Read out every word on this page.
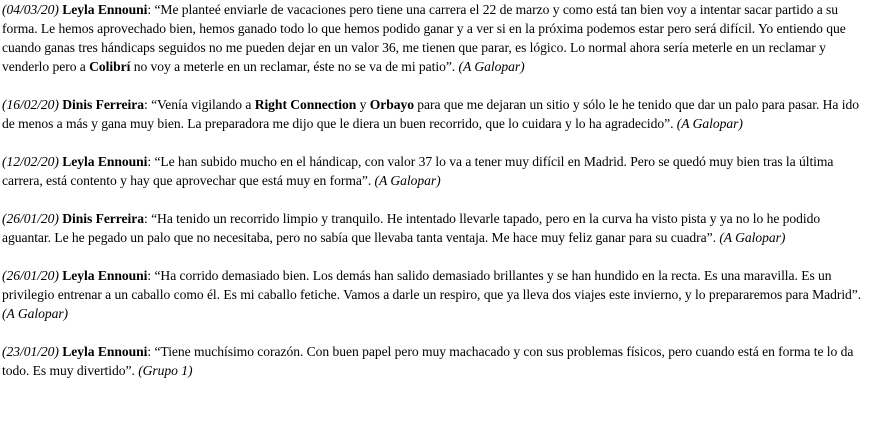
(04/03/20) Leyla Ennouni: “Me planteé enviarle de vacaciones pero tiene una carrera el 22 de marzo y como está tan bien voy a intentar sacar partido a su forma. Le hemos aprovechado bien, hemos ganado todo lo que hemos podido ganar y a ver si en la próxima podemos estar pero será difícil. Yo entiendo que cuando ganas tres hándicaps seguidos no me pueden dejar en un valor 36, me tienen que parar, es lógico. Lo normal ahora sería meterle en un reclamar y venderlo pero a Colibrí no voy a meterle en un reclamar, éste no se va de mi patio”. (A Galopar)

(16/02/20) Dinis Ferreira: “Venía vigilando a Right Connection y Orbayo para que me dejaran un sitio y sólo le he tenido que dar un palo para pasar. Ha ido de menos a más y gana muy bien. La preparadora me dijo que le diera un buen recorrido, que lo cuidara y lo ha agradecido”. (A Galopar)

(12/02/20) Leyla Ennouni: “Le han subido mucho en el hándicap, con valor 37 lo va a tener muy difícil en Madrid. Pero se quedó muy bien tras la última carrera, está contento y hay que aprovechar que está muy en forma”. (A Galopar)

(26/01/20) Dinis Ferreira: “Ha tenido un recorrido limpio y tranquilo. He intentado llevarle tapado, pero en la curva ha visto pista y ya no lo he podido aguantar. Le he pegado un palo que no necesitaba, pero no sabía que llevaba tanta ventaja. Me hace muy feliz ganar para su cuadra”. (A Galopar)

(26/01/20) Leyla Ennouni: “Ha corrido demasiado bien. Los demás han salido demasiado brillantes y se han hundido en la recta. Es una maravilla. Es un privilegio entrenar a un caballo como él. Es mi caballo fetiche. Vamos a darle un respiro, que ya lleva dos viajes este invierno, y lo prepararemos para Madrid”. (A Galopar)

(23/01/20) Leyla Ennouni: “Tiene muchísimo corazón. Con buen papel pero muy machacado y con sus problemas físicos, pero cuando está en forma te lo da todo. Es muy divertido”. (Grupo 1)
